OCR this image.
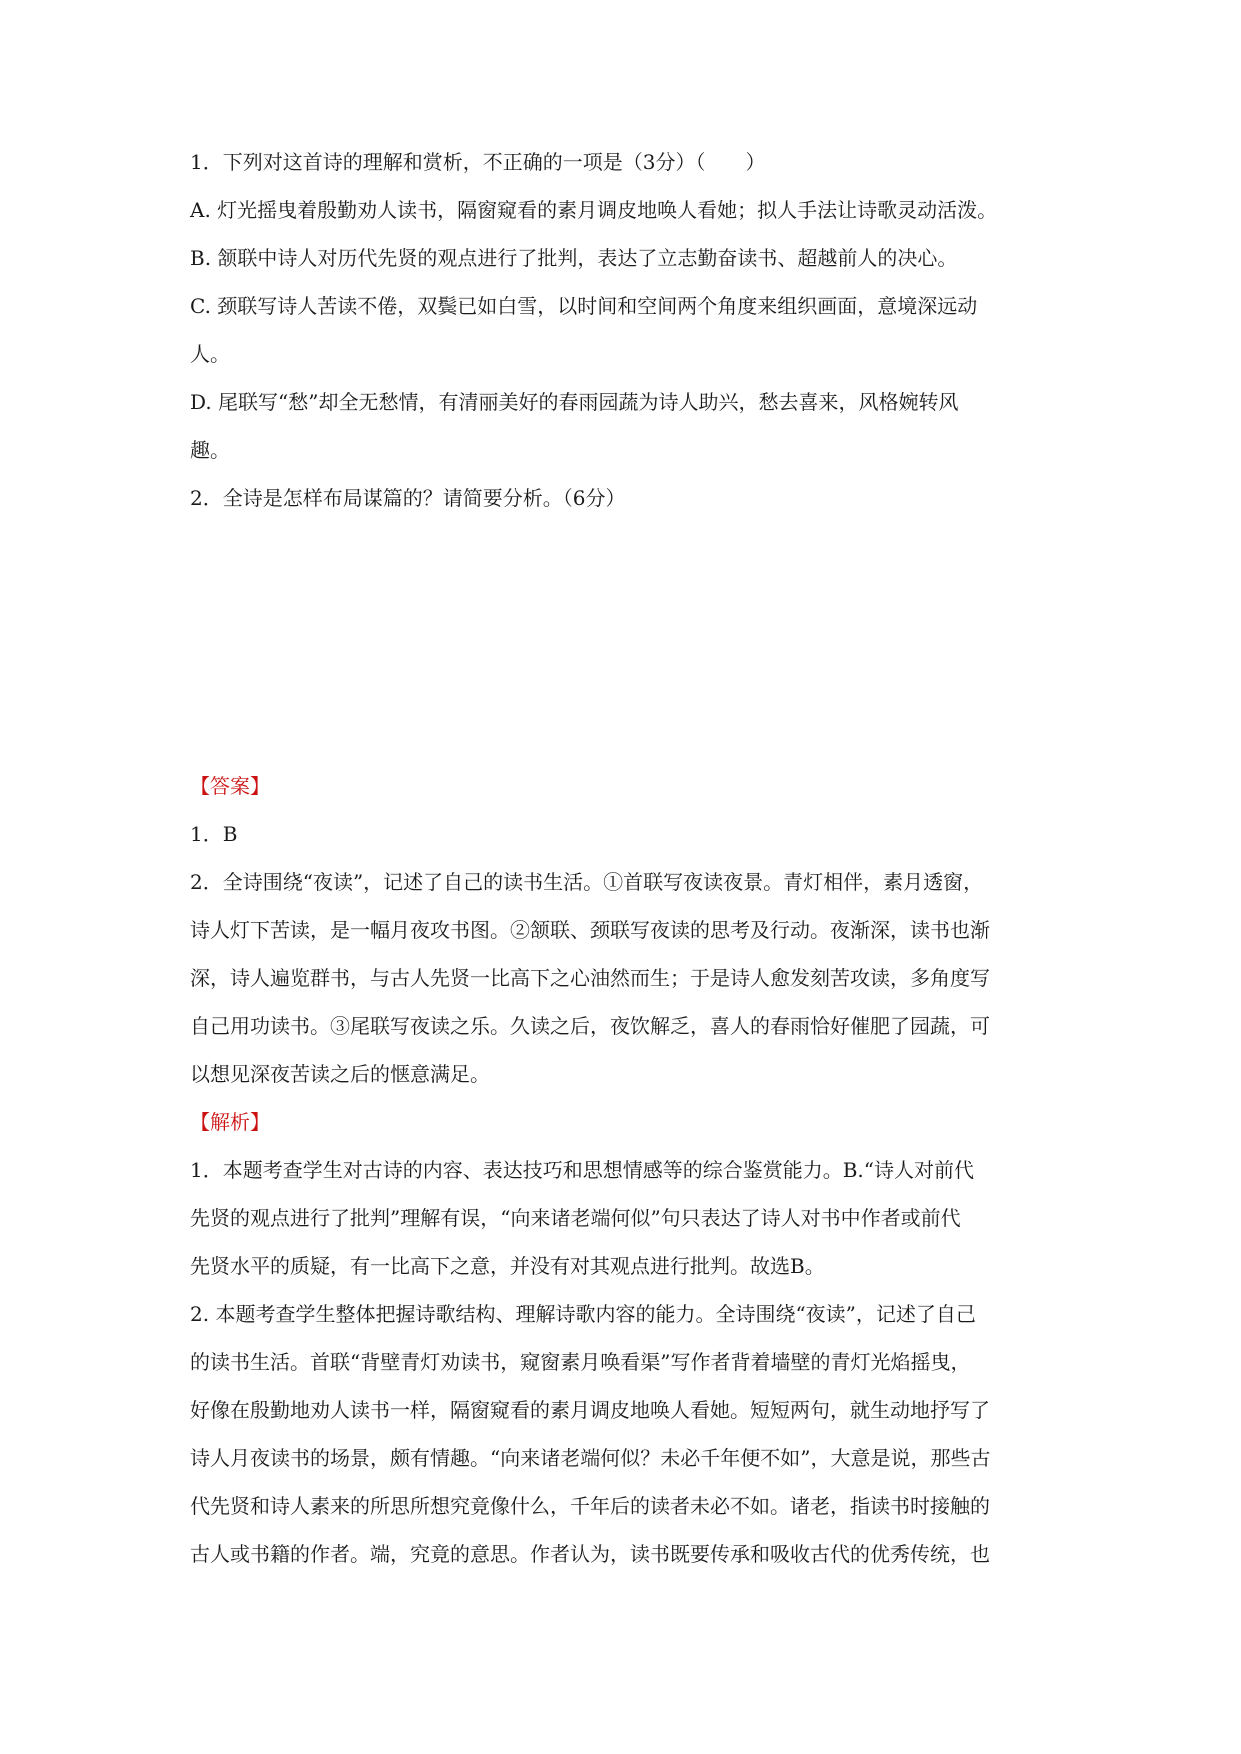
1．下列对这首诗的理解和赏析，不正确的一项是（3分）（　　）

A. 灯光摇曳着殷勤劝人读书，隔窗窥看的素月调皮地唤人看她；拟人手法让诗歌灵动活泼。

B. 颔联中诗人对历代先贤的观点进行了批判，表达了立志勤奋读书、超越前人的决心。

C. 颈联写诗人苦读不倦，双鬓已如白雪，以时间和空间两个角度来组织画面，意境深远动

人。

D. 尾联写“愁”却全无愁情，有清丽美好的春雨园蔬为诗人助兴，愁去喜来，风格婉转风

趣。

2．全诗是怎样布局谋篇的？请简要分析。（6分）

【答案】

1．B

2．全诗围绕“夜读”，记述了自己的读书生活。①首联写夜读夜景。青灯相伴，素月透窗，

诗人灯下苦读，是一幅月夜攻书图。②颔联、颈联写夜读的思考及行动。夜渐深，读书也渐

深，诗人遍览群书，与古人先贤一比高下之心油然而生；于是诗人愈发刻苦攻读，多角度写

自己用功读书。③尾联写夜读之乐。久读之后，夜饮解乏，喜人的春雨恰好催肥了园蔬，可

以想见深夜苦读之后的惬意满足。

【解析】

1．本题考查学生对古诗的内容、表达技巧和思想情感等的综合鉴赏能力。B.“诗人对前代

先贤的观点进行了批判”理解有误，“向来诸老端何似”句只表达了诗人对书中作者或前代

先贤水平的质疑，有一比高下之意，并没有对其观点进行批判。故选B。

2. 本题考查学生整体把握诗歌结构、理解诗歌内容的能力。全诗围绕“夜读”，记述了自己

的读书生活。首联“背壁青灯劝读书，窥窗素月唤看渠”写作者背着墙壁的青灯光焰摇曳，

好像在殷勤地劝人读书一样，隔窗窥看的素月调皮地唤人看她。短短两句，就生动地抒写了

诗人月夜读书的场景，颇有情趣。“向来诸老端何似？未必千年便不如”，大意是说，那些古

代先贤和诗人素来的所思所想究竟像什么，千年后的读者未必不如。诸老，指读书时接触的

古人或书籍的作者。端，究竟的意思。作者认为，读书既要传承和吸收古代的优秀传统，也
